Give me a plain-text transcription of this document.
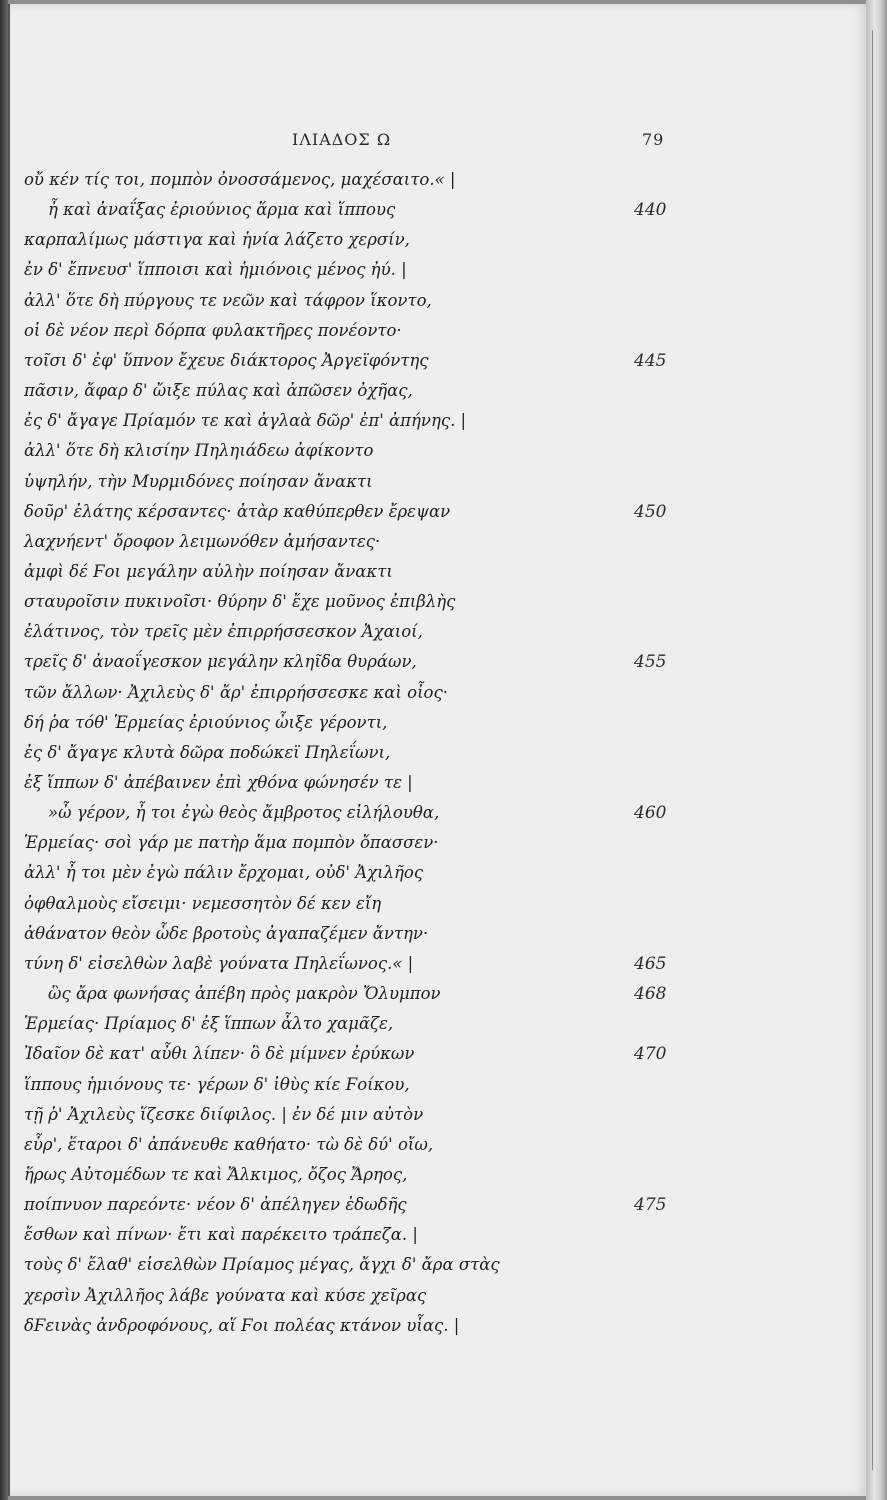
ΙΛΙΑΔΟΣ Ω	79
οὔ κέν τίς τοι, πομπὸν ὀνοσσάμενος, μαχέσαιτο.« |
ἦ καὶ ἀναΐξας ἐριούνιος ἅρμα καὶ ἵππους	440
καρπαλίμως μάστιγα καὶ ἡνία λάζετο χερσίν,
ἐν δ' ἔπνευσ' ἵπποισι καὶ ἡμιόνοις μένος ἠύ. |
ἀλλ' ὅτε δὴ πύργους τε νεῶν καὶ τάφρον ἵκοντο,
οἱ δὲ νέον περὶ δόρπα φυλακτῆρες πονέοντο·
τοῖσι δ' ἐφ' ὕπνον ἔχευε διάκτορος Ἀργεϊφόντης	445
πᾶσιν, ἄφαρ δ' ὤιξε πύλας καὶ ἀπῶσεν ὀχῆας,
ἐς δ' ἄγαγε Πρίαμόν τε καὶ ἀγλαὰ δῶρ' ἐπ' ἀπήνης. |
ἀλλ' ὅτε δὴ κλισίην Πηληιάδεω ἀφίκοντο
ὑψηλήν, τὴν Μυρμιδόνες ποίησαν ἄνακτι
δοῦρ' ἐλάτης κέρσαντες· ἀτὰρ καθύπερθεν ἔρεψαν	450
λαχνήεντ' ὄροφον λειμωνόθεν ἀμήσαντες·
ἀμφὶ δέ Ϝοι μεγάλην αὐλὴν ποίησαν ἄνακτι
σταυροῖσιν πυκινοῖσι· θύρην δ' ἔχε μοῦνος ἐπιβλὴς
ἐλάτινος, τὸν τρεῖς μὲν ἐπιρρήσσεσκον Ἀχαιοί,
τρεῖς δ' ἀναοΐγεσκον μεγάλην κληῖδα θυράων,	455
τῶν ἄλλων· Ἀχιλεὺς δ' ἄρ' ἐπιρρήσσεσκε καὶ οἶος·
δή ῥα τόθ' Ἑρμείας ἐριούνιος ὦιξε γέροντι,
ἐς δ' ἄγαγε κλυτὰ δῶρα ποδώκεϊ Πηλεΐωνι,
ἐξ ἵππων δ' ἀπέβαινεν ἐπὶ χθόνα φώνησέν τε |
»ὦ γέρον, ἦ τοι ἐγὼ θεὸς ἄμβροτος εἰλήλουθα,	460
Ἑρμείας· σοὶ γάρ με πατὴρ ἅμα πομπὸν ὄπασσεν·
ἀλλ' ἦ τοι μὲν ἐγὼ πάλιν ἔρχομαι, οὐδ' Ἀχιλῆος
ὀφθαλμοὺς εἴσειμι· νεμεσσητὸν δέ κεν εἴη
ἀθάνατον θεὸν ὧδε βροτοὺς ἀγαπαζέμεν ἄντην·
τύνη δ' εἰσελθὼν λαβὲ γούνατα Πηλεΐωνος.« |	465
ὣς ἄρα φωνήσας ἀπέβη πρὸς μακρὸν Ὄλυμπον	468
Ἑρμείας· Πρίαμος δ' ἐξ ἵππων ἆλτο χαμᾶζε,
Ἰδαῖον δὲ κατ' αὖθι λίπεν· ὃ δὲ μίμνεν ἐρύκων	470
ἵππους ἡμιόνους τε· γέρων δ' ἰθὺς κίε Ϝοίκου,
τῇ ῥ' Ἀχιλεὺς ἵζεσκε διίφιλος. | ἐν δέ μιν αὐτὸν
εὗρ', ἕταροι δ' ἀπάνευθε καθήατο· τὼ δὲ δύ' οἴω,
ἥρως Αὐτομέδων τε καὶ Ἄλκιμος, ὄζος Ἄρηος,
ποίπνυον παρεόντε· νέον δ' ἀπέληγεν ἐδωδῆς	475
ἔσθων καὶ πίνων· ἔτι καὶ παρέκειτο τράπεζα. |
τοὺς δ' ἔλαθ' εἰσελθὼν Πρίαμος μέγας, ἄγχι δ' ἄρα στὰς
χερσὶν Ἀχιλλῆος λάβε γούνατα καὶ κύσε χεῖρας
δϜεινὰς ἀνδροφόνους, αἵ Ϝοι πολέας κτάνον υἷας. |
